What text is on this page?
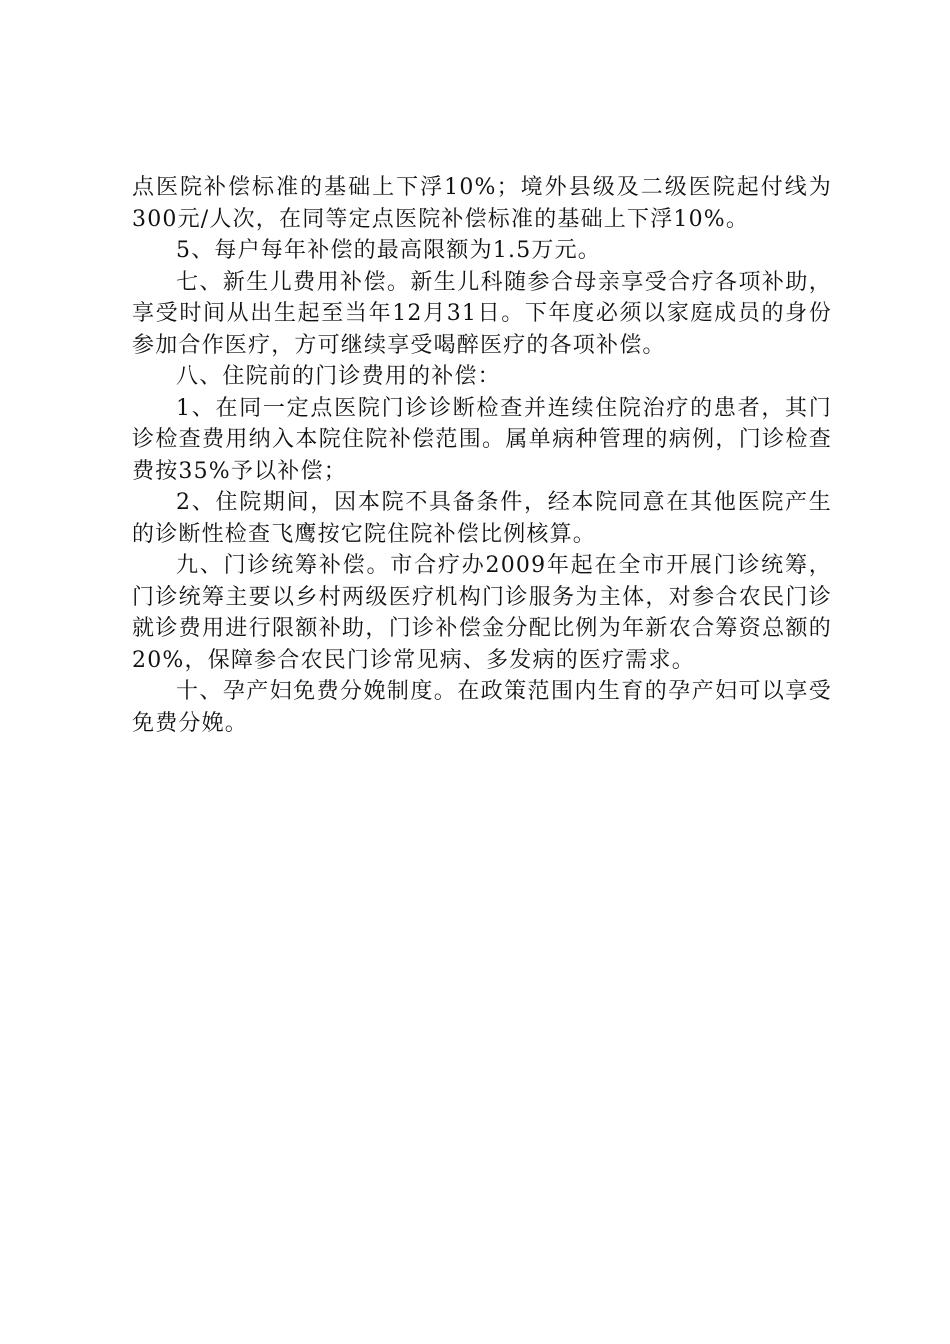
点医院补偿标准的基础上下浮10%；境外县级及二级医院起付线为300元/人次，在同等定点医院补偿标准的基础上下浮10%。

5、每户每年补偿的最高限额为1.5万元。

七、新生儿费用补偿。新生儿科随参合母亲享受合疗各项补助，享受时间从出生起至当年12月31日。下年度必须以家庭成员的身份参加合作医疗，方可继续享受喝醉医疗的各项补偿。

八、住院前的门诊费用的补偿：

1、在同一定点医院门诊诊断检查并连续住院治疗的患者，其门诊检查费用纳入本院住院补偿范围。属单病种管理的病例，门诊检查费按35%予以补偿；

2、住院期间，因本院不具备条件，经本院同意在其他医院产生的诊断性检查飞鹰按它院住院补偿比例核算。

九、门诊统筹补偿。市合疗办2009年起在全市开展门诊统筹，门诊统筹主要以乡村两级医疗机构门诊服务为主体，对参合农民门诊就诊费用进行限额补助，门诊补偿金分配比例为年新农合筹资总额的20%，保障参合农民门诊常见病、多发病的医疗需求。

十、孕产妇免费分娩制度。在政策范围内生育的孕产妇可以享受免费分娩。
